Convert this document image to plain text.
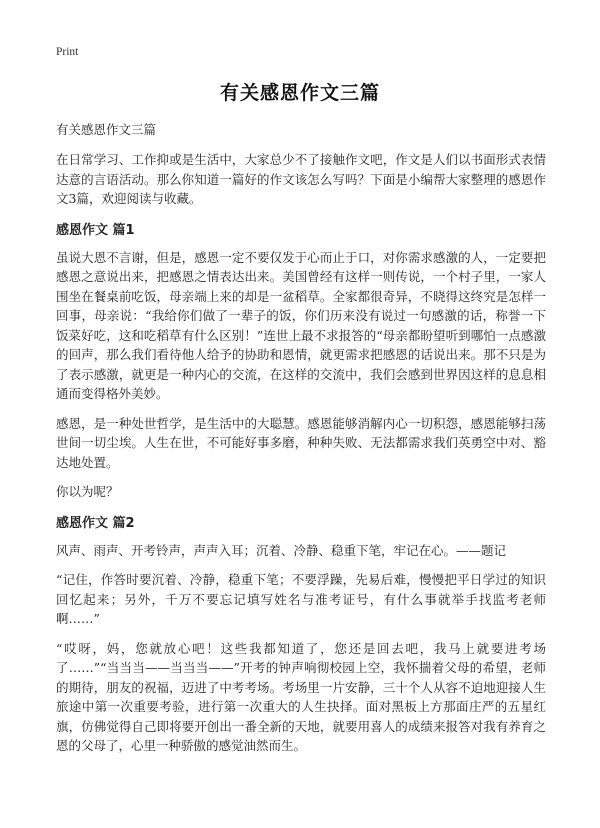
Print
有关感恩作文三篇
有关感恩作文三篇

在日常学习、工作抑或是生活中，大家总少不了接触作文吧，作文是人们以书面形式表情达意的言语活动。那么你知道一篇好的作文该怎么写吗？下面是小编帮大家整理的感恩作文3篇，欢迎阅读与收藏。

感恩作文 篇1

虽说大恩不言谢，但是，感恩一定不要仅发于心而止于口，对你需求感激的人，一定要把感恩之意说出来，把感恩之情表达出来。美国曾经有这样一则传说，一个村子里，一家人围坐在餐桌前吃饭，母亲端上来的却是一盆稻草。全家都很奇异，不晓得这终究是怎样一回事，母亲说：“我给你们做了一辈子的饭，你们历来没有说过一句感激的话，称誉一下饭菜好吃，这和吃稻草有什么区别！”连世上最不求报答的“母亲都盼望听到哪怕一点感激的回声，那么我们看待他人给予的协助和恩情，就更需求把感恩的话说出来。那不只是为了表示感激，就更是一种内心的交流，在这样的交流中，我们会感到世界因这样的息息相通而变得格外美妙。

感恩，是一种处世哲学，是生活中的大聪慧。感恩能够消解内心一切积怨，感恩能够扫荡世间一切尘埃。人生在世，不可能好事多磨，种种失败、无法都需求我们英勇空中对、豁达地处置。

你以为呢？

感恩作文 篇2

风声、雨声、开考铃声，声声入耳；沉着、冷静、稳重下笔，牢记在心。——题记

“记住，作答时要沉着、冷静，稳重下笔；不要浮躁，先易后难，慢慢把平日学过的知识回忆起来；另外，千万不要忘记填写姓名与准考证号，有什么事就举手找监考老师啊……”

“哎呀，妈，您就放心吧！这些我都知道了，您还是回去吧，我马上就要进考场了……”“当当当——当当当——”开考的钟声响彻校园上空，我怀揣着父母的希望，老师的期待，朋友的祝福，迈进了中考考场。考场里一片安静，三十个人从容不迫地迎接人生旅途中第一次重要考验，进行第一次重大的人生抉择。面对黑板上方那面庄严的五星红旗，仿佛觉得自己即将要开创出一番全新的天地，就要用喜人的成绩来报答对我有养育之恩的父母了，心里一种骄傲的感觉油然而生。
